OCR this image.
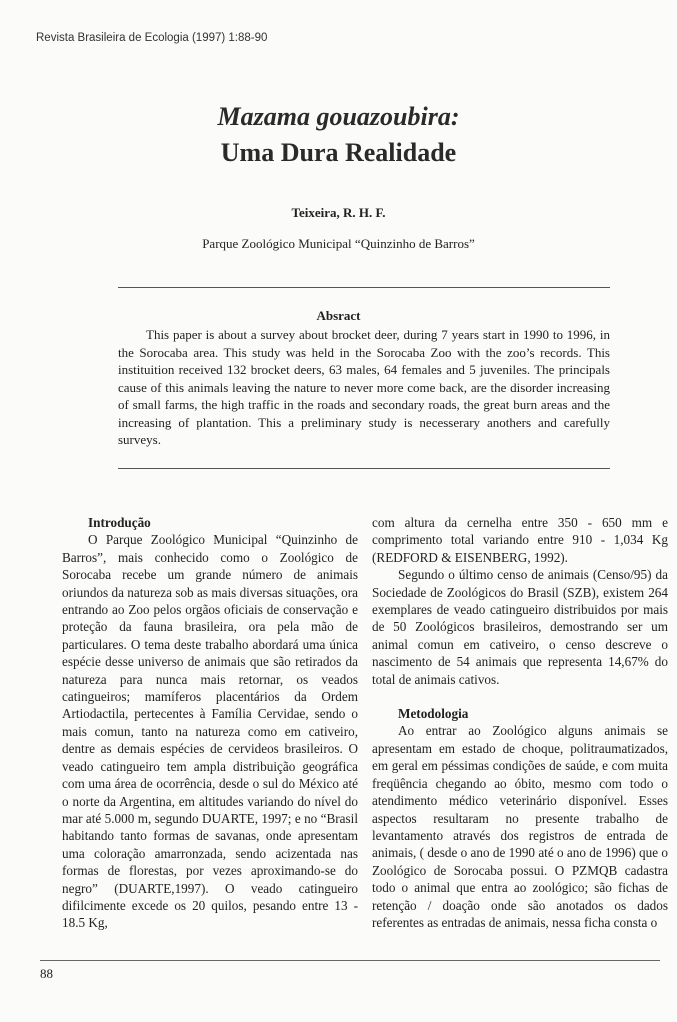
Revista Brasileira de Ecologia (1997) 1:88-90
Mazama gouazoubira:
Uma Dura Realidade
Teixeira, R. H. F.
Parque Zoológico Municipal “Quinzinho de Barros”
Absract
This paper is about a survey about brocket deer, during 7 years start in 1990 to 1996, in the Sorocaba area. This study was held in the Sorocaba Zoo with the zoo’s records. This instituition received 132 brocket deers, 63 males, 64 females and 5 juveniles. The principals cause of this animals leaving the nature to never more come back, are the disorder increasing of small farms, the high traffic in the roads and secondary roads, the great burn areas and the increasing of plantation. This a preliminary study is necesserary anothers and carefully surveys.

Introdução

O Parque Zoológico Municipal “Quinzinho de Barros”, mais conhecido como o Zoológico de Sorocaba recebe um grande número de animais oriundos da natureza sob as mais diversas situações, ora entrando ao Zoo pelos orgãos oficiais de conservação e proteção da fauna brasileira, ora pela mão de particulares. O tema deste trabalho abordará uma única espécie desse universo de animais que são retirados da natureza para nunca mais retornar, os veados catingueiros; mamíferos placentários da Ordem Artiodactila, pertecentes à Família Cervidae, sendo o mais comun, tanto na natureza como em cativeiro, dentre as demais espécies de cervideos brasileiros. O veado catingueiro tem ampla distribuição geográfica com uma área de ocorrência, desde o sul do México até o norte da Argentina, em altitudes variando do nível do mar até 5.000 m, segundo DUARTE, 1997; e no “Brasil habitando tanto formas de savanas, onde apresentam uma coloração amarronzada, sendo acizentada nas formas de florestas, por vezes aproximando-se do negro” (DUARTE,1997). O veado catingueiro difilcimente excede os 20 quilos, pesando entre 13 - 18.5 Kg,

com altura da cernelha entre 350 - 650 mm e comprimento total variando entre 910 - 1,034 Kg (REDFORD & EISENBERG, 1992).

Segundo o último censo de animais (Censo/95) da Sociedade de Zoológicos do Brasil (SZB), existem 264 exemplares de veado catingueiro distribuidos por mais de 50 Zoológicos brasileiros, demostrando ser um animal comun em cativeiro, o censo descreve o nascimento de 54 animais que representa 14,67% do total de animais cativos.

Metodologia

Ao entrar ao Zoológico alguns animais se apresentam em estado de choque, politraumatizados, em geral em péssimas condições de saúde, e com muita freqüência chegando ao óbito, mesmo com todo o atendimento médico veterinário disponível. Esses aspectos resultaram no presente trabalho de levantamento através dos registros de entrada de animais, ( desde o ano de 1990 até o ano de 1996) que o Zoológico de Sorocaba possui. O PZMQB cadastra todo o animal que entra ao zoológico; são fichas de retenção / doação onde são anotados os dados referentes as entradas de animais, nessa ficha consta o

88
